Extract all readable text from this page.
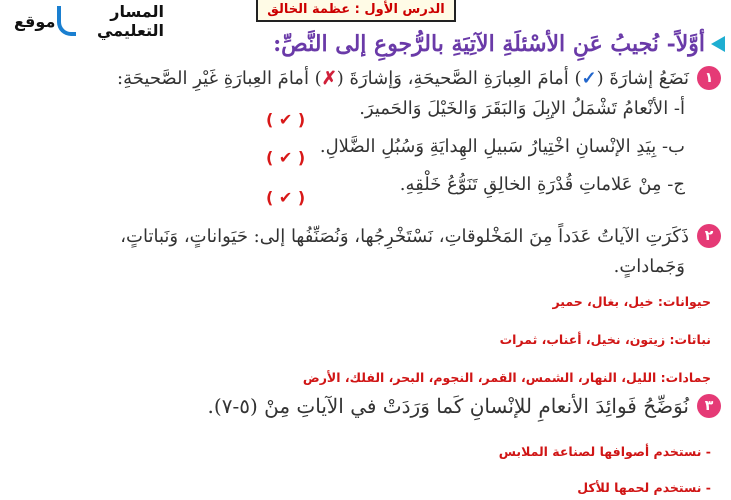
الدرس الأول : عظمة الخالق
موقع	المسار التعليمي
أوَّلاً- نُجيبُ عَنِ الأسْئلَةِ الآتِيَةِ بالرُّجوعِ إلى النَّصِّ:
١
نَضَعُ إشارَةَ (✓) أمامَ العِبارَةِ الصَّحيحَةِ، وَإشارَةَ (✗) أمامَ العِبارَةِ غَيْرِ الصَّحيحَةِ:
أ- الأنْعامُ تَشْمَلُ الإبِلَ وَالبَقَرَ وَالخَيْلَ وَالحَميرَ.
( ✔ )
ب- بِيَدِ الإنْسانِ اخْتِيارُ سَبيلِ الهِدايَةِ وَسُبُلِ الضَّلالِ.
( ✔ )
ج- مِنْ عَلاماتِ قُدْرَةِ الخالِقِ تَنَوُّعُ خَلْقِهِ.
( ✔ )
٢
ذَكَرَتِ الآياتُ عَدَداً مِنَ المَخْلوقاتِ، نَسْتَخْرِجُها، وَنُصَنِّفُها إلى: حَيَواناتٍ، وَنَباتاتٍ،
وَجَماداتٍ.
حيوانات: خيل، بغال، حمير
نباتات: زيتون، نخيل، أعناب، ثمرات
جمادات: الليل، النهار، الشمس، القمر، النجوم، البحر، الفلك، الأرض
٣
نُوَضِّحُ فَوائِدَ الأنعامِ للإنْسانِ كَما وَرَدَتْ في الآياتِ مِنْ (٥-٧).
- نستخدم أصوافها لصناعة الملابس
- نستخدم لحمها للأكل
